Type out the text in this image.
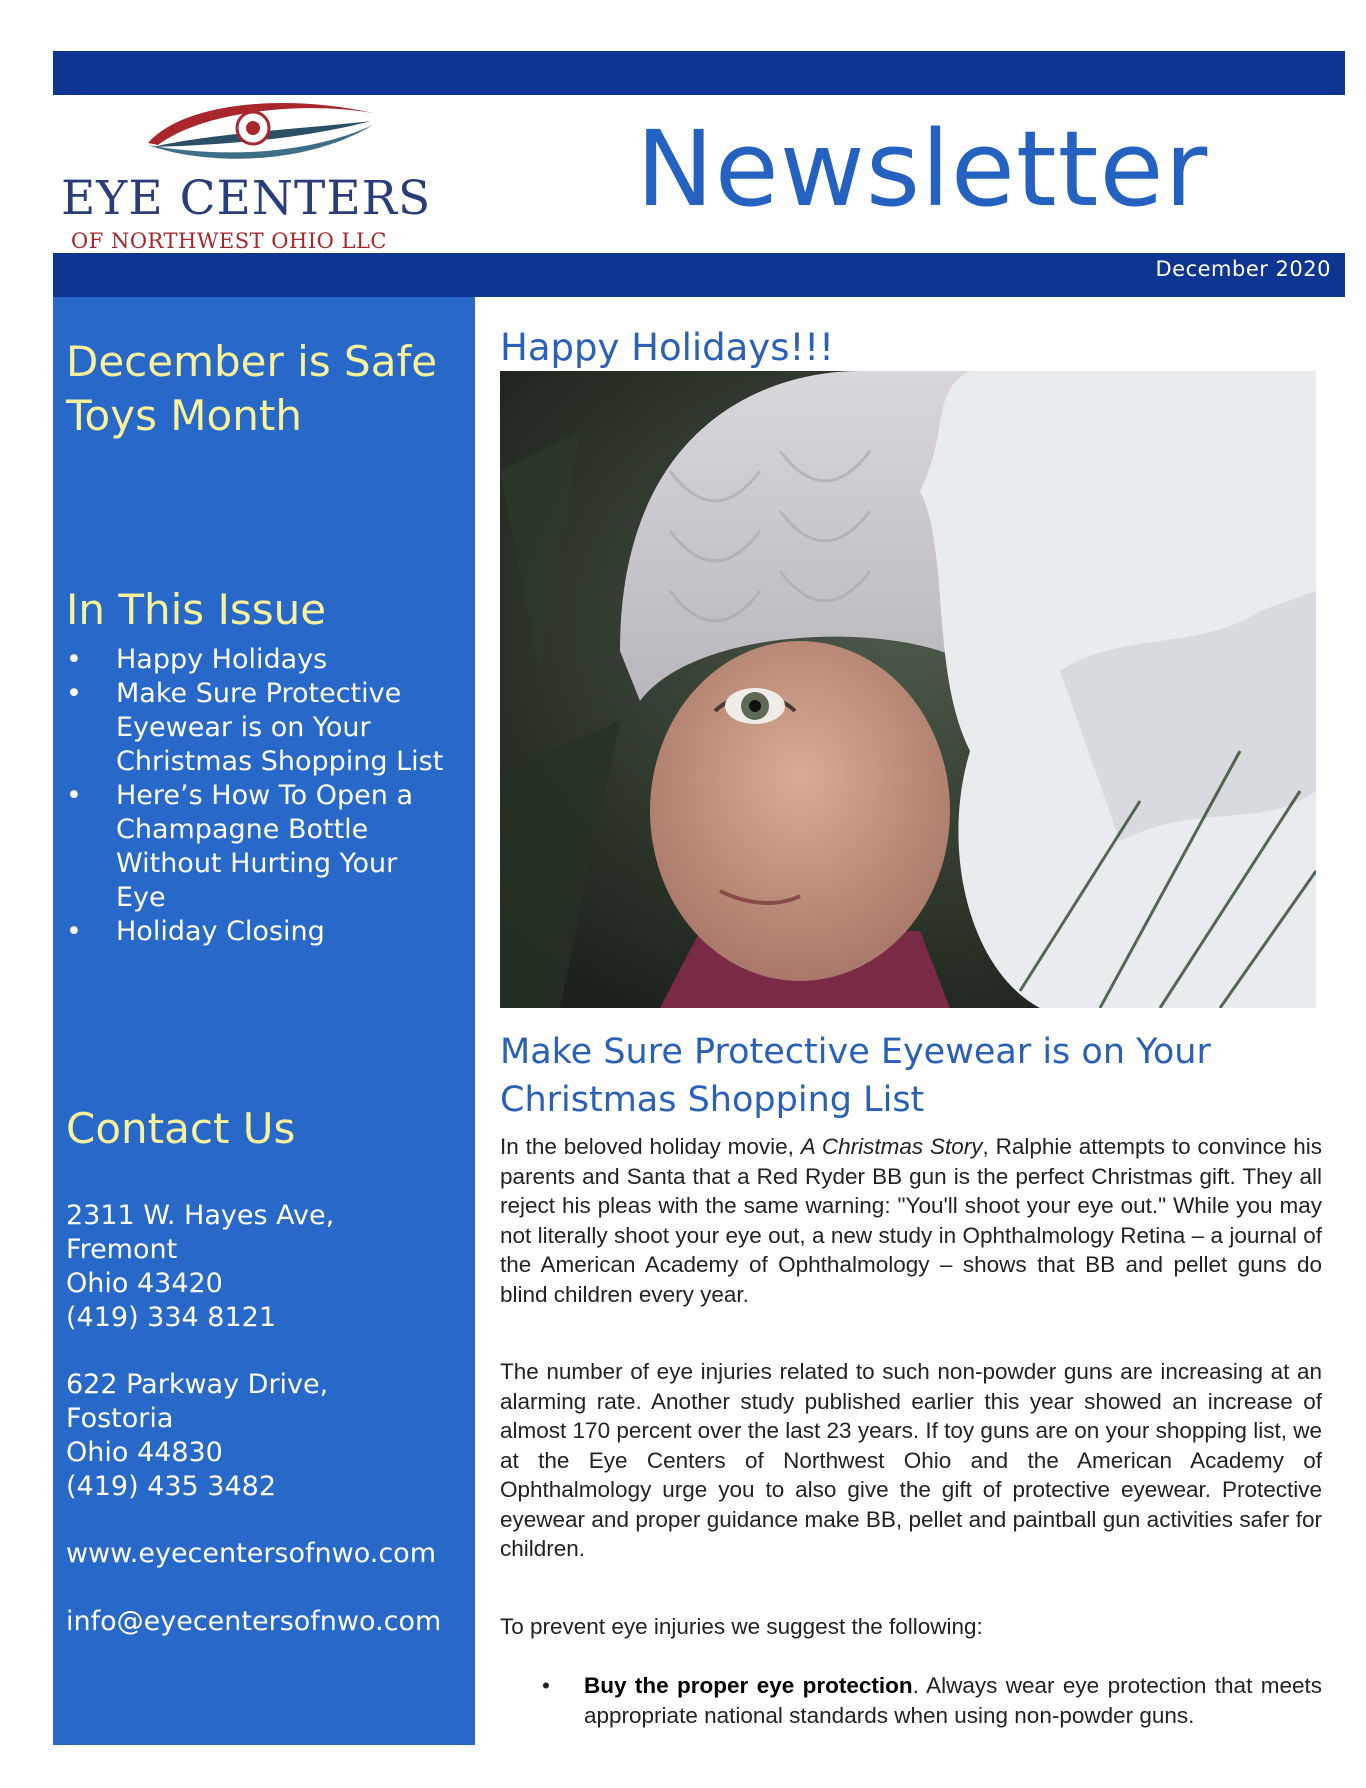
EYE CENTERS
OF NORTHWEST OHIO LLC
Newsletter
December 2020
December is Safe
Toys Month
In This Issue
• Happy Holidays
• Make Sure Protective
Eyewear is on Your
Christmas Shopping List
• Here’s How To Open a
Champagne Bottle
Without Hurting Your
Eye
• Holiday Closing
Contact Us
2311 W. Hayes Ave,
Fremont
Ohio 43420
(419) 334 8121
622 Parkway Drive,
Fostoria
Ohio 44830
(419) 435 3482
www.eyecentersofnwo.com
info@eyecentersofnwo.com
Happy Holidays!!!
Make Sure Protective Eyewear is on Your
Christmas Shopping List

In the beloved holiday movie, A Christmas Story, Ralphie attempts to convince his parents and Santa that a Red Ryder BB gun is the perfect Christmas gift. They all reject his pleas with the same warning: "You'll shoot your eye out." While you may not literally shoot your eye out, a new study in Ophthalmology Retina – a journal of the American Academy of Ophthalmology – shows that BB and pellet guns do blind children every year.

The number of eye injuries related to such non-powder guns are increasing at an alarming rate. Another study published earlier this year showed an increase of almost 170 percent over the last 23 years. If toy guns are on your shopping list, we at the Eye Centers of Northwest Ohio and the American Academy of Ophthalmology urge you to also give the gift of protective eyewear. Protective eyewear and proper guidance make BB, pellet and paintball gun activities safer for children.

To prevent eye injuries we suggest the following:

•	Buy the proper eye protection. Always wear eye protection that meets appropriate national standards when using non-powder guns.
